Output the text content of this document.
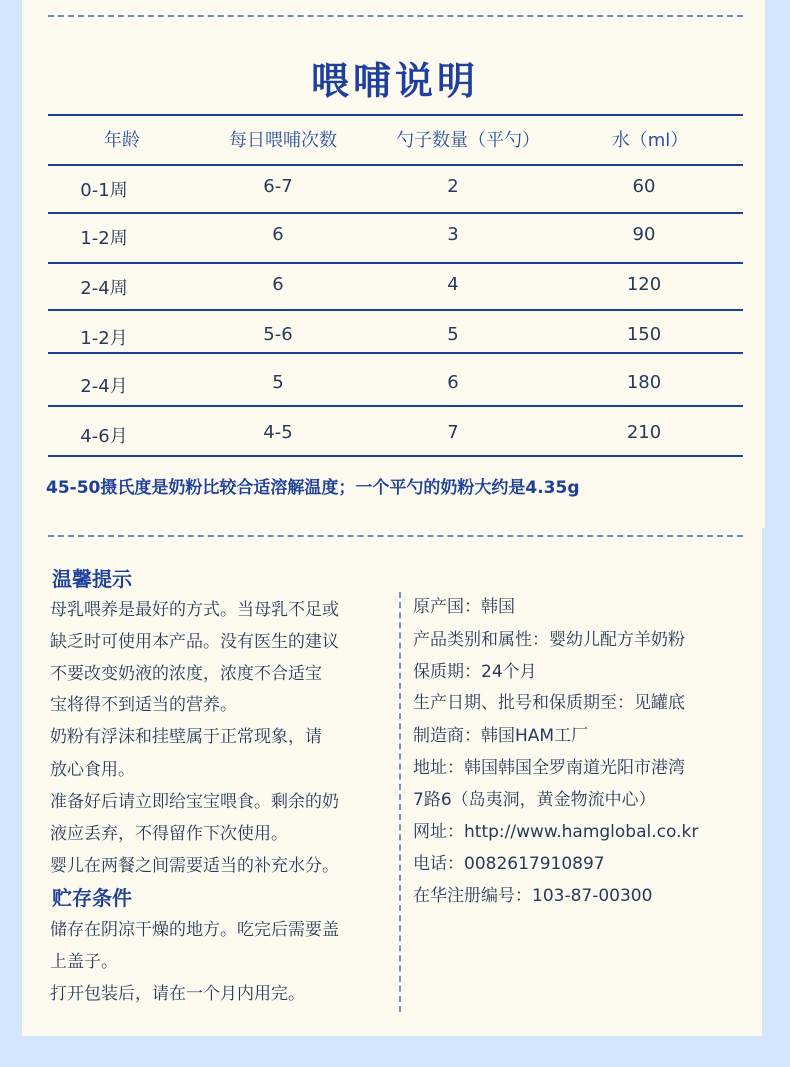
喂哺说明
年龄	每日喂哺次数	勺子数量（平勺）	水（ml）
0-1周	6-7	2	60
1-2周	6	3	90
2-4周	6	4	120
1-2月	5-6	5	150
2-4月	5	6	180
4-6月	4-5	7	210

45-50摄氏度是奶粉比较合适溶解温度；一个平勺的奶粉大约是4.35g

温馨提示

母乳喂养是最好的方式。当母乳不足或

缺乏时可使用本产品。没有医生的建议

不要改变奶液的浓度，浓度不合适宝

宝将得不到适当的营养。

奶粉有浮沫和挂壁属于正常现象，请

放心食用。

准备好后请立即给宝宝喂食。剩余的奶

液应丢弃，不得留作下次使用。

婴儿在两餐之间需要适当的补充水分。

贮存条件

储存在阴凉干燥的地方。吃完后需要盖

上盖子。

打开包装后，请在一个月内用完。

原产国：韩国

产品类别和属性：婴幼儿配方羊奶粉

保质期：24个月

生产日期、批号和保质期至：见罐底

制造商：韩国HAM工厂

地址：韩国韩国全罗南道光阳市港湾

7路6（岛夷洞，黄金物流中心）

网址：http://www.hamglobal.co.kr

电话：0082617910897

在华注册编号：103-87-00300
